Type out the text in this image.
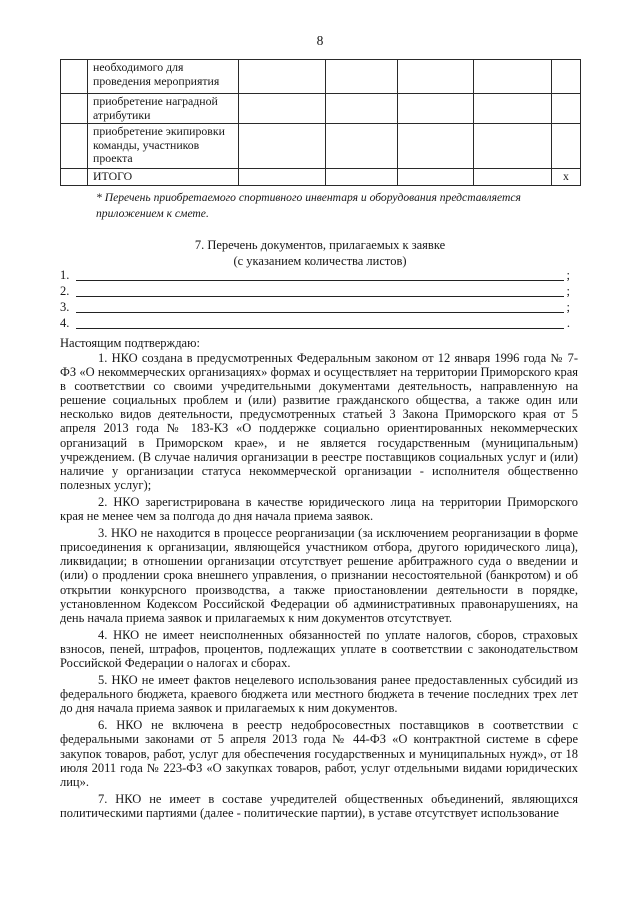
8
	необходимого для проведения мероприятия					
	приобретение наградной атрибутики					
	приобретение экипировки команды, участников проекта					
	ИТОГО					x
* Перечень приобретаемого спортивного инвентаря и оборудования представляется приложением к смете.
7. Перечень документов, прилагаемых к заявке
(с указанием количества листов)
1.	;
2.	;
3.	;
4.	.
Настоящим подтверждаю:

1. НКО создана в предусмотренных Федеральным законом от 12 января 1996 года № 7-ФЗ «О некоммерческих организациях» формах и осуществляет на территории Приморского края в соответствии со своими учредительными документами деятельность, направленную на решение социальных проблем и (или) развитие гражданского общества, а также один или несколько видов деятельности, предусмотренных статьей 3 Закона Приморского края от 5 апреля 2013 года № 183-КЗ «О поддержке социально ориентированных некоммерческих организаций в Приморском крае», и не является государственным (муниципальным) учреждением. (В случае наличия организации в реестре поставщиков социальных услуг и (или) наличие у организации статуса некоммерческой организации - исполнителя общественно полезных услуг);

2. НКО зарегистрирована в качестве юридического лица на территории Приморского края не менее чем за полгода до дня начала приема заявок.

3. НКО не находится в процессе реорганизации (за исключением реорганизации в форме присоединения к организации, являющейся участником отбора, другого юридического лица), ликвидации; в отношении организации отсутствует решение арбитражного суда о введении и (или) о продлении срока внешнего управления, о признании несостоятельной (банкротом) и об открытии конкурсного производства, а также приостановлении деятельности в порядке, установленном Кодексом Российской Федерации об административных правонарушениях, на день начала приема заявок и прилагаемых к ним документов отсутствует.

4. НКО не имеет неисполненных обязанностей по уплате налогов, сборов, страховых взносов, пеней, штрафов, процентов, подлежащих уплате в соответствии с законодательством Российской Федерации о налогах и сборах.

5. НКО не имеет фактов нецелевого использования ранее предоставленных субсидий из федерального бюджета, краевого бюджета или местного бюджета в течение последних трех лет до дня начала приема заявок и прилагаемых к ним документов.

6. НКО не включена в реестр недобросовестных поставщиков в соответствии с федеральными законами от 5 апреля 2013 года № 44-ФЗ «О контрактной системе в сфере закупок товаров, работ, услуг для обеспечения государственных и муниципальных нужд», от 18 июля 2011 года № 223-ФЗ «О закупках товаров, работ, услуг отдельными видами юридических лиц».

7. НКО не имеет в составе учредителей общественных объединений, являющихся политическими партиями (далее - политические партии), в уставе отсутствует использование
